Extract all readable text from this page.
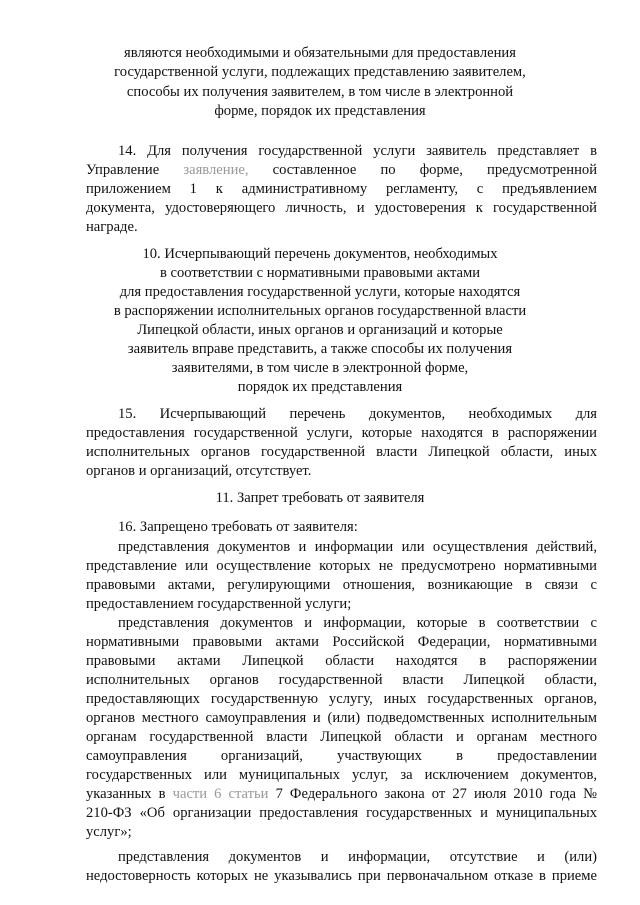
являются необходимыми и обязательными для предоставления
государственной услуги, подлежащих представлению заявителем,
способы их получения заявителем, в том числе в электронной
форме, порядок их представления
14. Для получения государственной услуги заявитель представляет в
Управление заявление, составленное по форме, предусмотренной
приложением 1 к административному регламенту, с предъявлением
документа, удостоверяющего личность, и удостоверения к государственной
награде.
10. Исчерпывающий перечень документов, необходимых
в соответствии с нормативными правовыми актами
для предоставления государственной услуги, которые находятся
в распоряжении исполнительных органов государственной власти
Липецкой области, иных органов и организаций и которые
заявитель вправе представить, а также способы их получения
заявителями, в том числе в электронной форме,
порядок их представления
15. Исчерпывающий перечень документов, необходимых для
предоставления государственной услуги, которые находятся в распоряжении
исполнительных органов государственной власти Липецкой области, иных
органов и организаций, отсутствует.
11. Запрет требовать от заявителя
16. Запрещено требовать от заявителя:
представления документов и информации или осуществления действий,
представление или осуществление которых не предусмотрено нормативными
правовыми актами, регулирующими отношения, возникающие в связи с
предоставлением государственной услуги;
представления документов и информации, которые в соответствии с
нормативными правовыми актами Российской Федерации, нормативными
правовыми актами Липецкой области находятся в распоряжении
исполнительных органов государственной власти Липецкой области,
предоставляющих государственную услугу, иных государственных органов,
органов местного самоуправления и (или) подведомственных исполнительным
органам государственной власти Липецкой области и органам местного
самоуправления организаций, участвующих в предоставлении
государственных или муниципальных услуг, за исключением документов,
указанных в части 6 статьи 7 Федерального закона от 27 июля 2010 года №
210-ФЗ «Об организации предоставления государственных и муниципальных
услуг»;
представления документов и информации, отсутствие и (или)
недостоверность которых не указывались при первоначальном отказе в приеме
